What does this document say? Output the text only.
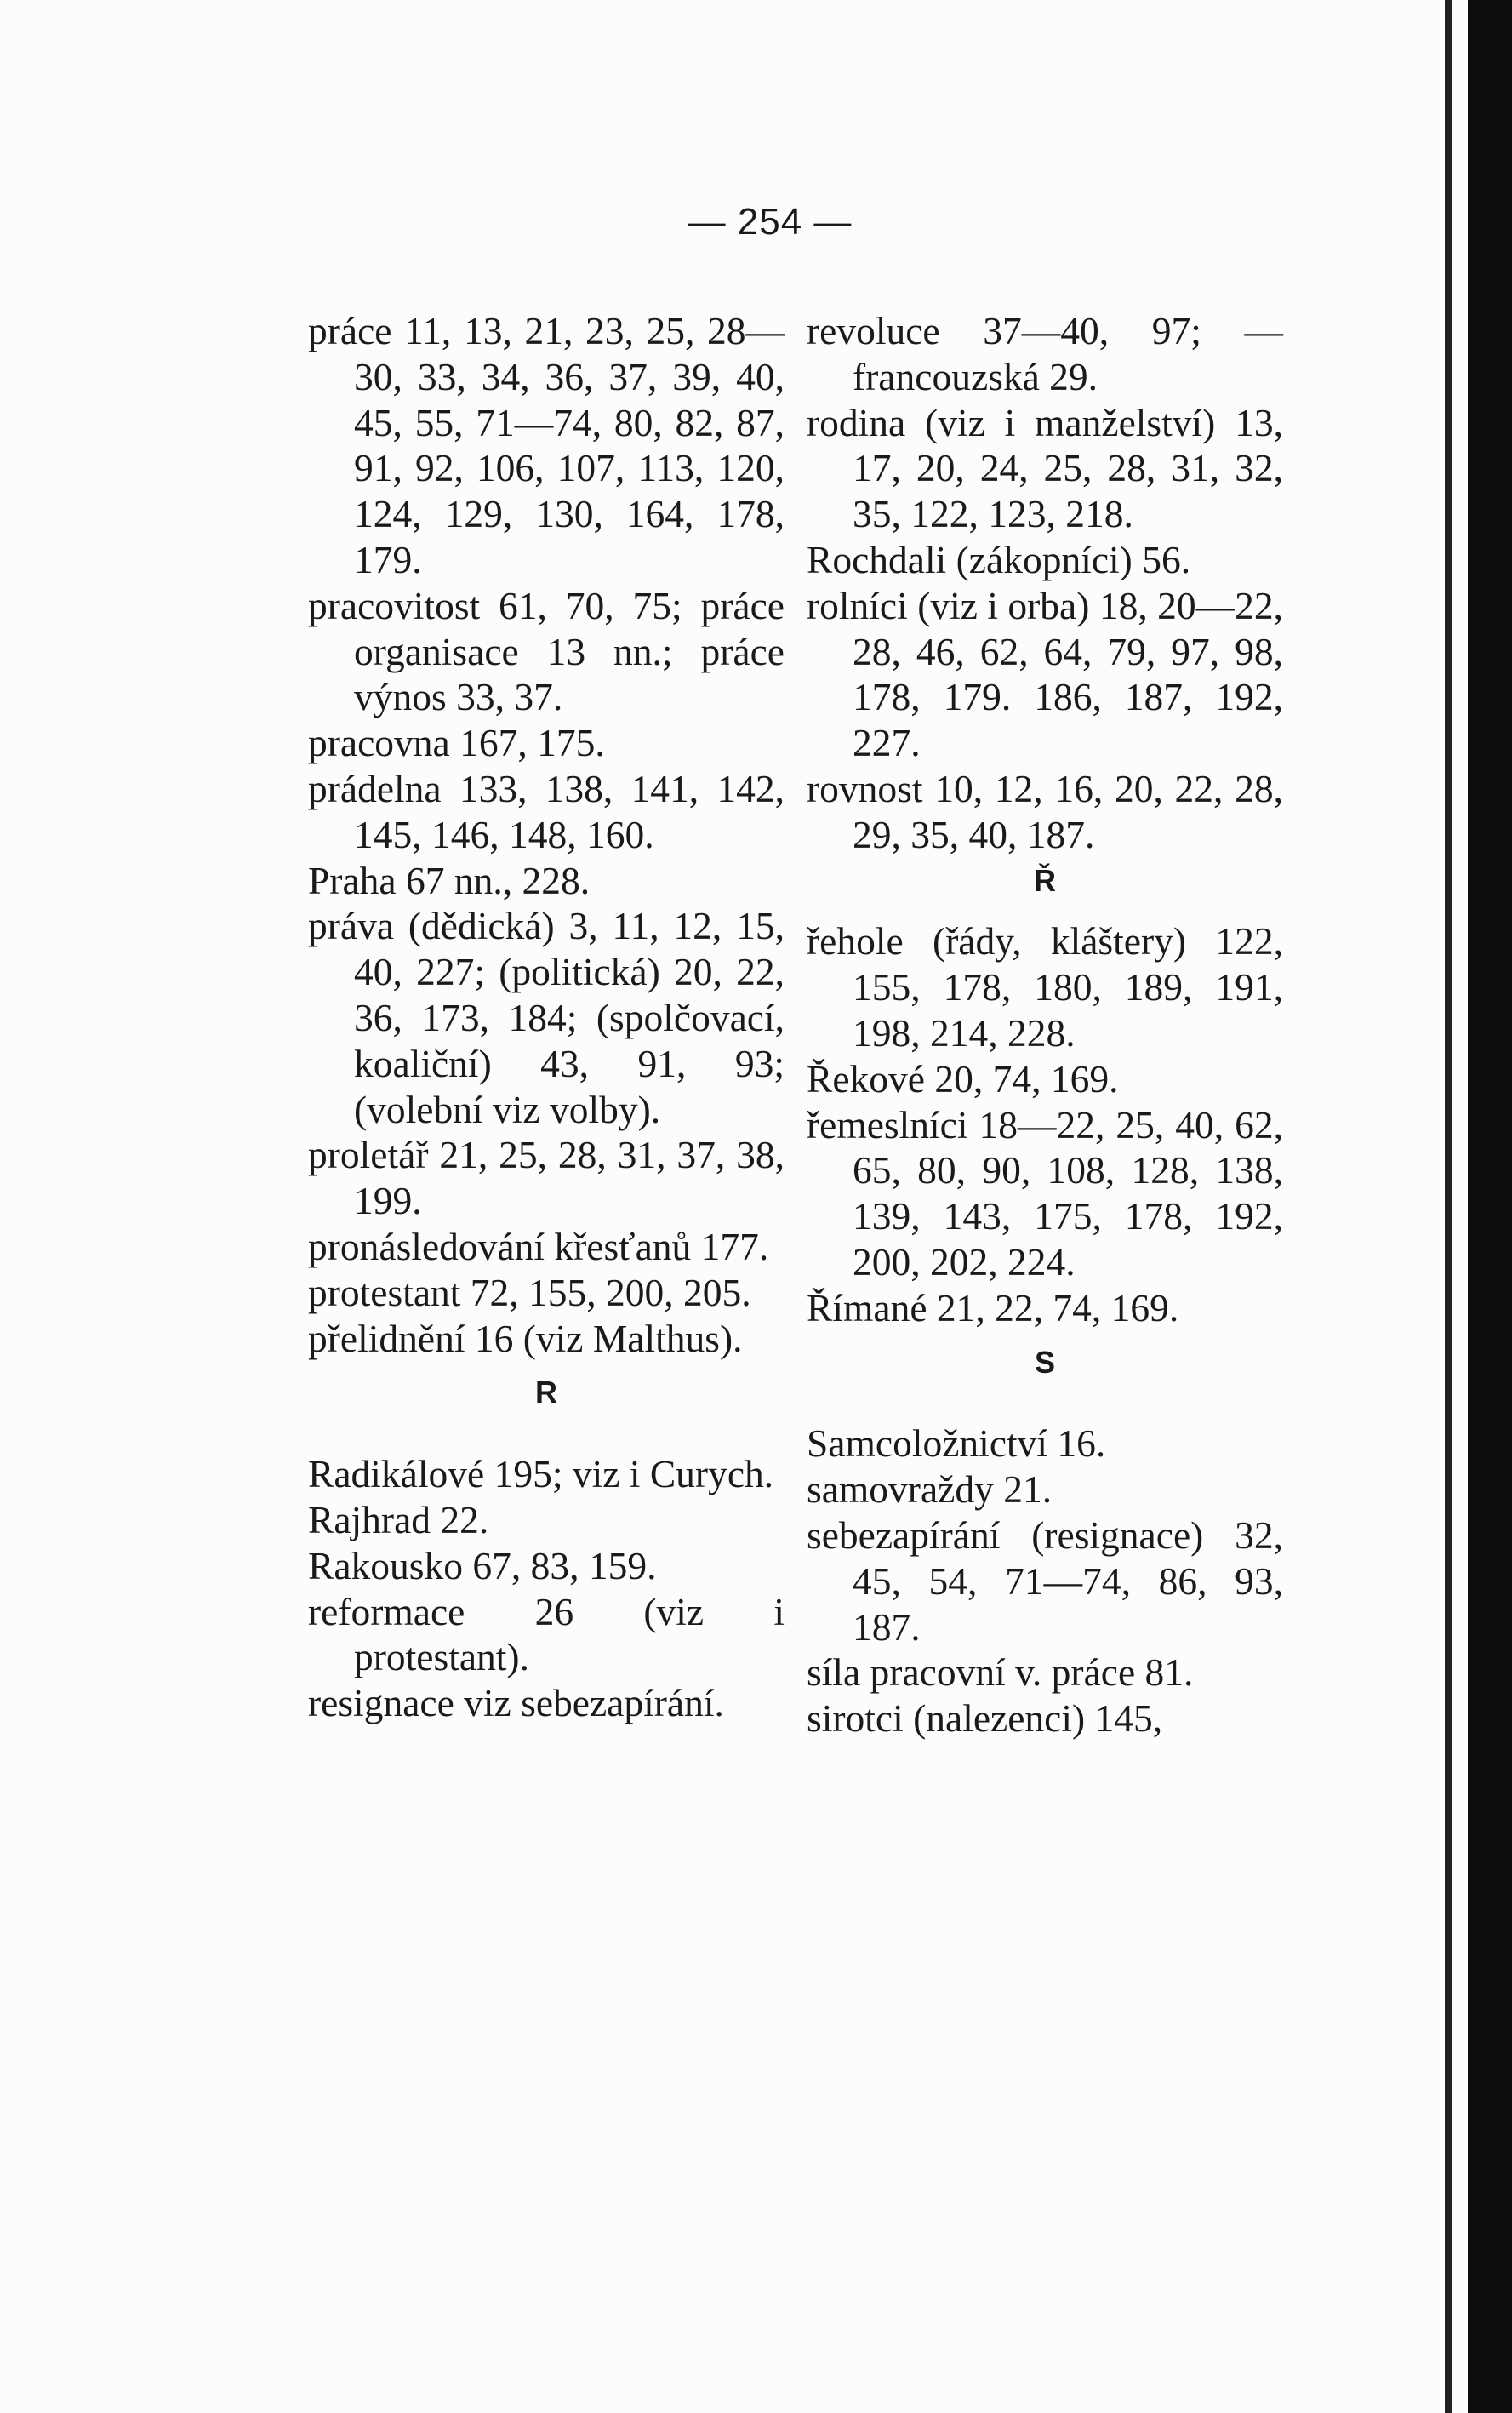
— 254 —
práce 11, 13, 21, 23, 25, 28—30, 33, 34, 36, 37, 39, 40, 45, 55, 71—74, 80, 82, 87, 91, 92, 106, 107, 113, 120, 124, 129, 130, 164, 178, 179.
pracovitost 61, 70, 75; práce organisace 13 nn.; práce výnos 33, 37.
pracovna 167, 175.
prádelna 133, 138, 141, 142, 145, 146, 148, 160.
Praha 67 nn., 228.
práva (dědická) 3, 11, 12, 15, 40, 227; (politická) 20, 22, 36, 173, 184; (spolčovací, koaliční) 43, 91, 93; (volební viz volby).
proletář 21, 25, 28, 31, 37, 38, 199.
pronásledování křesťanů 177.
protestant 72, 155, 200, 205.
přelidnění 16 (viz Malthus).
R
Radikálové 195; viz i Curych.
Rajhrad 22.
Rakousko 67, 83, 159.
reformace 26 (viz i protestant).
resignace viz sebezapírání.
revoluce 37—40, 97; — francouzská 29.
rodina (viz i manželství) 13, 17, 20, 24, 25, 28, 31, 32, 35, 122, 123, 218.
Rochdali (zákopníci) 56.
rolníci (viz i orba) 18, 20—22, 28, 46, 62, 64, 79, 97, 98, 178, 179. 186, 187, 192, 227.
rovnost 10, 12, 16, 20, 22, 28, 29, 35, 40, 187.
Ř
řehole (řády, kláštery) 122, 155, 178, 180, 189, 191, 198, 214, 228.
Řekové 20, 74, 169.
řemeslníci 18—22, 25, 40, 62, 65, 80, 90, 108, 128, 138, 139, 143, 175, 178, 192, 200, 202, 224.
Římané 21, 22, 74, 169.
S
Samcoložnictví 16.
samovraždy 21.
sebezapírání (resignace) 32, 45, 54, 71—74, 86, 93, 187.
síla pracovní v. práce 81.
sirotci (nalezenci) 145,
